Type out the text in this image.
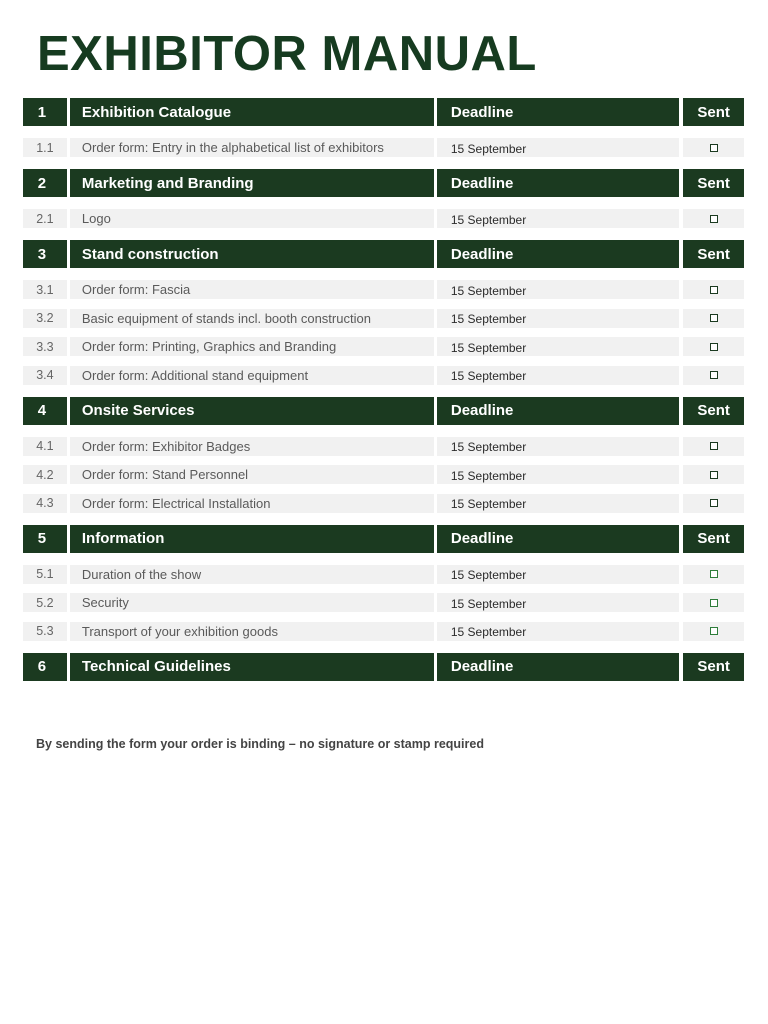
EXHIBITOR MANUAL
1	Exhibition Catalogue	Deadline	Sent
1.1	Order form: Entry in the alphabetical list of exhibitors	15 September
2	Marketing and Branding	Deadline	Sent
2.1	Logo	15 September
3	Stand construction	Deadline	Sent
3.1	Order form: Fascia	15 September
3.2	Basic equipment of stands incl. booth construction	15 September
3.3	Order form: Printing, Graphics and Branding	15 September
3.4	Order form: Additional stand equipment	15 September
4	Onsite Services	Deadline	Sent
4.1	Order form: Exhibitor Badges	15 September
4.2	Order form: Stand Personnel	15 September
4.3	Order form: Electrical Installation	15 September
5	Information	Deadline	Sent
5.1	Duration of the show	15 September
5.2	Security	15 September
5.3	Transport of your exhibition goods	15 September
6	Technical Guidelines	Deadline	Sent

By sending the form your order is binding – no signature or stamp required
